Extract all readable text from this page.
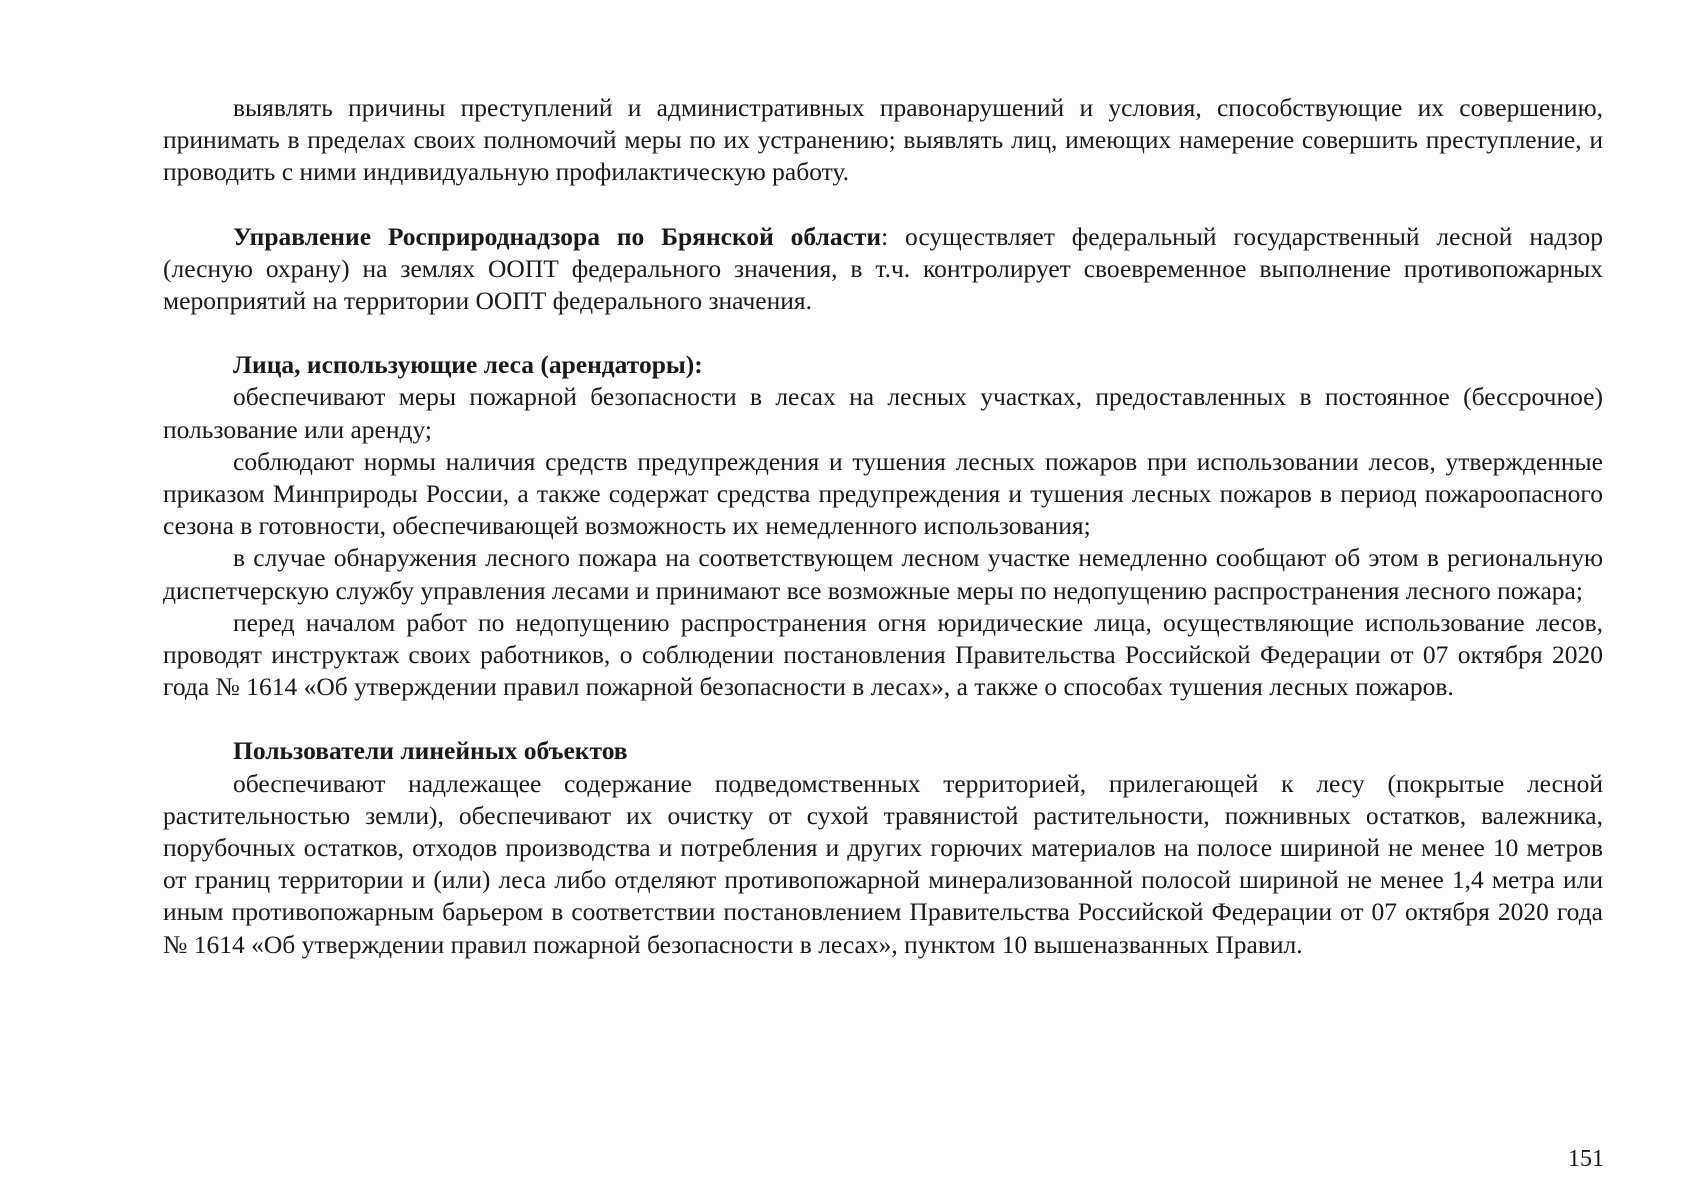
выявлять причины преступлений и административных правонарушений и условия, способствующие их совершению, принимать в пределах своих полномочий меры по их устранению; выявлять лиц, имеющих намерение совершить преступление, и проводить с ними индивидуальную профилактическую работу.

Управление Росприроднадзора по Брянской области: осуществляет федеральный государственный лесной надзор (лесную охрану) на землях ООПТ федерального значения, в т.ч. контролирует своевременное выполнение противопожарных мероприятий на территории ООПТ федерального значения.

Лица, использующие леса (арендаторы):

обеспечивают меры пожарной безопасности в лесах на лесных участках, предоставленных в постоянное (бессрочное) пользование или аренду;

соблюдают нормы наличия средств предупреждения и тушения лесных пожаров при использовании лесов, утвержденные приказом Минприроды России, а также содержат средства предупреждения и тушения лесных пожаров в период пожароопасного сезона в готовности, обеспечивающей возможность их немедленного использования;

в случае обнаружения лесного пожара на соответствующем лесном участке немедленно сообщают об этом в региональную диспетчерскую службу управления лесами и принимают все возможные меры по недопущению распространения лесного пожара;

перед началом работ по недопущению распространения огня юридические лица, осуществляющие использование лесов, проводят инструктаж своих работников, о соблюдении постановления Правительства Российской Федерации от 07 октября 2020 года № 1614 «Об утверждении правил пожарной безопасности в лесах», а также о способах тушения лесных пожаров.

Пользователи линейных объектов

обеспечивают надлежащее содержание подведомственных территорией, прилегающей к лесу (покрытые лесной растительностью земли), обеспечивают их очистку от сухой травянистой растительности, пожнивных остатков, валежника, порубочных остатков, отходов производства и потребления и других горючих материалов на полосе шириной не менее 10 метров от границ территории и (или) леса либо отделяют противопожарной минерализованной полосой шириной не менее 1,4 метра или иным противопожарным барьером в соответствии постановлением Правительства Российской Федерации от 07 октября 2020 года № 1614 «Об утверждении правил пожарной безопасности в лесах», пунктом 10 вышеназванных Правил.

151
